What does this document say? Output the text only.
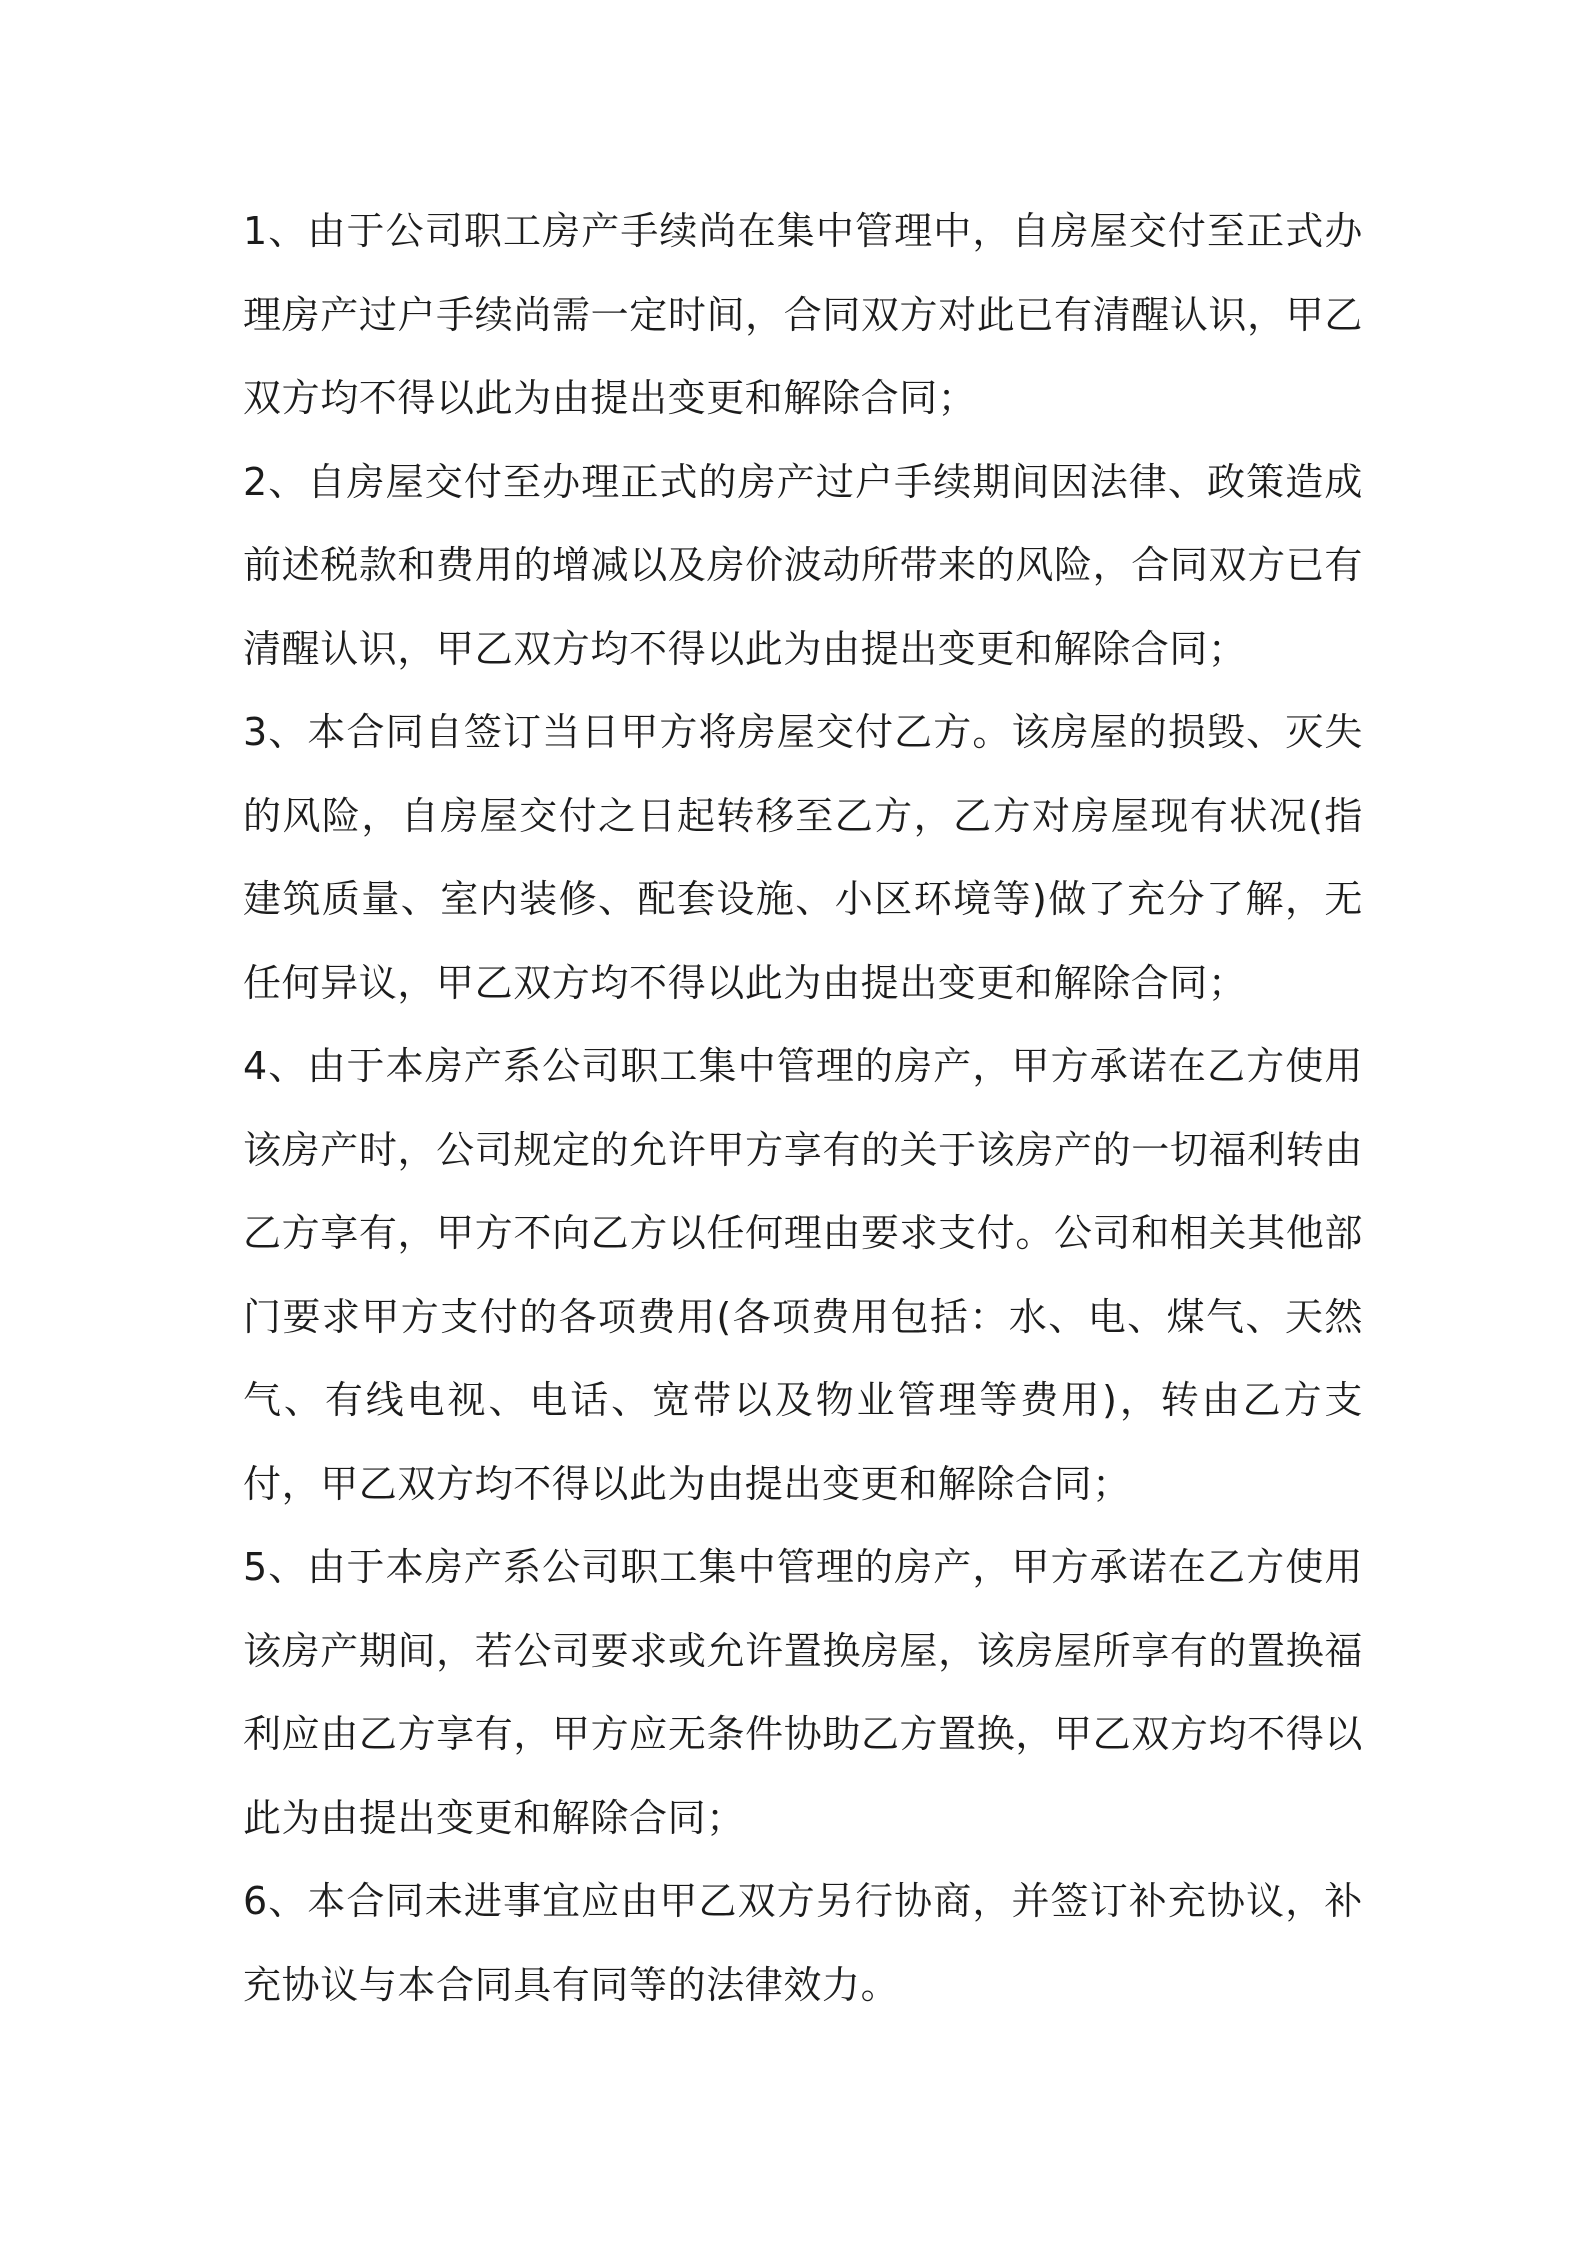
1、由于公司职工房产手续尚在集中管理中，自房屋交付至正式办理房产过户手续尚需一定时间，合同双方对此已有清醒认识，甲乙双方均不得以此为由提出变更和解除合同；

2、自房屋交付至办理正式的房产过户手续期间因法律、政策造成前述税款和费用的增减以及房价波动所带来的风险，合同双方已有清醒认识，甲乙双方均不得以此为由提出变更和解除合同；

3、本合同自签订当日甲方将房屋交付乙方。该房屋的损毁、灭失的风险，自房屋交付之日起转移至乙方，乙方对房屋现有状况(指建筑质量、室内装修、配套设施、小区环境等)做了充分了解，无任何异议，甲乙双方均不得以此为由提出变更和解除合同；

4、由于本房产系公司职工集中管理的房产，甲方承诺在乙方使用该房产时，公司规定的允许甲方享有的关于该房产的一切福利转由乙方享有，甲方不向乙方以任何理由要求支付。公司和相关其他部门要求甲方支付的各项费用(各项费用包括：水、电、煤气、天然气、有线电视、电话、宽带以及物业管理等费用)，转由乙方支付，甲乙双方均不得以此为由提出变更和解除合同；

5、由于本房产系公司职工集中管理的房产，甲方承诺在乙方使用该房产期间，若公司要求或允许置换房屋，该房屋所享有的置换福利应由乙方享有，甲方应无条件协助乙方置换，甲乙双方均不得以此为由提出变更和解除合同；

6、本合同未进事宜应由甲乙双方另行协商，并签订补充协议，补充协议与本合同具有同等的法律效力。
